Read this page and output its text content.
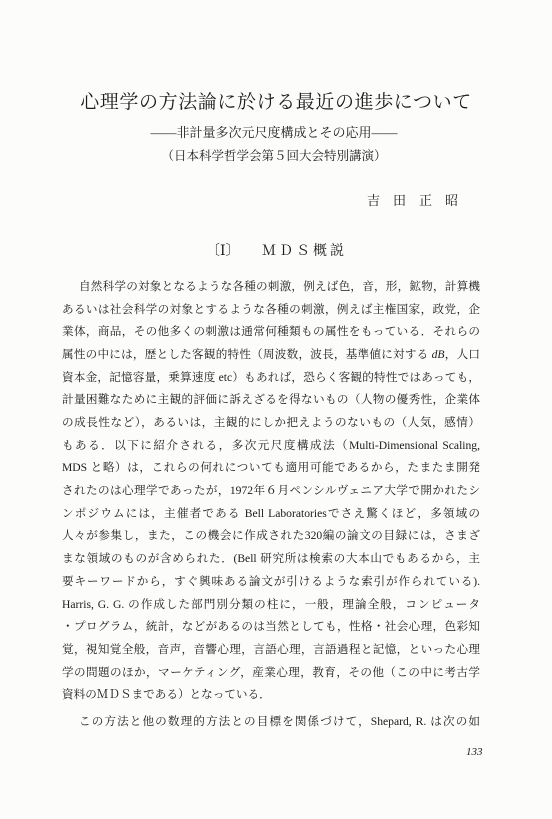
心理学の方法論に於ける最近の進歩について
——非計量多次元尺度構成とその応用——
（日本科学哲学会第５回大会特別講演）
吉　田　正　昭
〔Ⅰ〕 ＭＤＳ概説
自然科学の対象となるような各種の刺激，例えば色，音，形，鉱物，計算機
あるいは社会科学の対象とするような各種の刺激，例えば主権国家，政党，企
業体，商品，その他多くの刺激は通常何種類もの属性をもっている．それらの
属性の中には，歴とした客観的特性（周波数，波長，基準値に対する dB，人口
資本金，記憶容量，乗算速度 etc）もあれば，恐らく客観的特性ではあっても，
計量困難なために主観的評価に訴えざるを得ないもの（人物の優秀性，企業体
の成長性など），あるいは，主観的にしか把えようのないもの（人気，感情）
もある．以下に紹介される，多次元尺度構成法（Multi-Dimensional Scaling,
MDS と略）は，これらの何れについても適用可能であるから，たまたま開発
されたのは心理学であったが，1972年６月ペンシルヴェニア大学で開かれたシ
ンポジウムには，主催者である Bell Laboratoriesでさえ驚くほど，多領域の
人々が参集し，また，この機会に作成された320編の論文の目録には，さまざ
まな領域のものが含められた．(Bell 研究所は検索の大本山でもあるから，主
要キーワードから，すぐ興味ある論文が引けるような索引が作られている).
Harris, G. G. の作成した部門別分類の柱に，一般，理論全般，コンピュータ
・プログラム，統計，などがあるのは当然としても，性格・社会心理，色彩知
覚，視知覚全般，音声，音響心理，言語心理，言語過程と記憶，といった心理
学の問題のほか，マーケティング，産業心理，教育，その他（この中に考古学
資料のＭＤＳまである）となっている．
この方法と他の数理的方法との目標を関係づけて，Shepard, R. は次の如
133
